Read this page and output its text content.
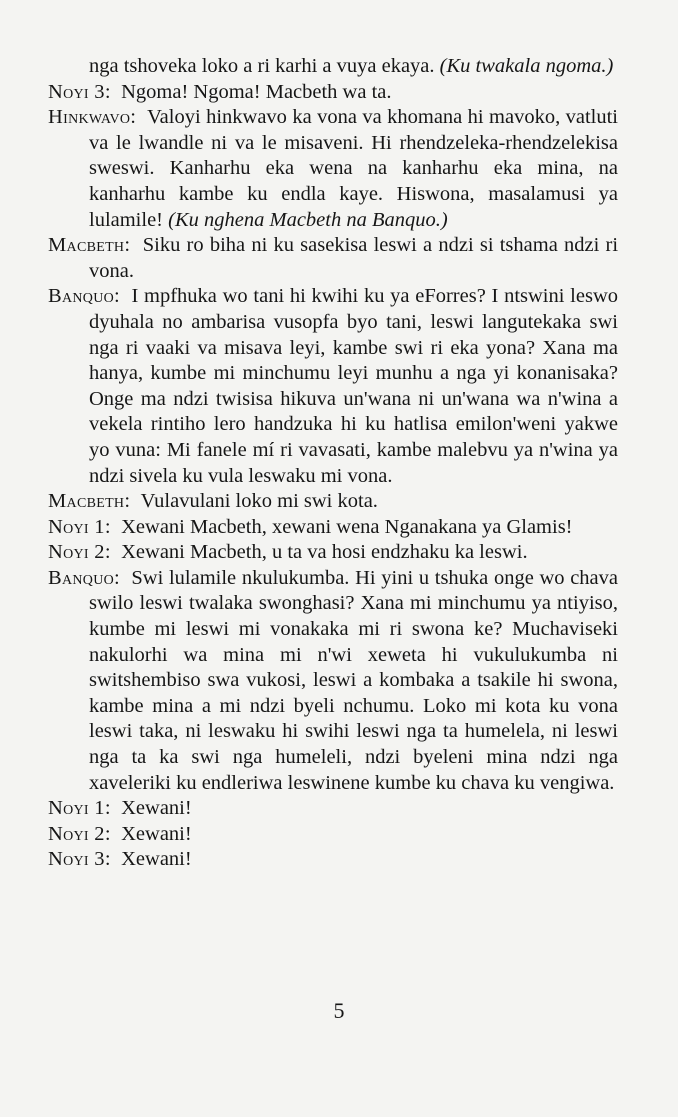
nga tshoveka loko a ri karhi a vuya ekaya. (Ku twakala ngoma.)

Noyi 3: Ngoma! Ngoma! Macbeth wa ta.

Hinkwavo: Valoyi hinkwavo ka vona va khomana hi mavoko, vatluti va le lwandle ni va le misaveni. Hi rhendzeleka-rhendzelekisa sweswi. Kanharhu eka wena na kanharhu eka mina, na kanharhu kambe ku endla kaye. Hiswona, masalamusi ya lulamile! (Ku nghena Macbeth na Banquo.)

Macbeth: Siku ro biha ni ku sasekisa leswi a ndzi si tshama ndzi ri vona.

Banquo: I mpfhuka wo tani hi kwihi ku ya eForres? I ntswini leswo dyuhala no ambarisa vusopfa byo tani, leswi langutekaka swi nga ri vaaki va misava leyi, kambe swi ri eka yona? Xana ma hanya, kumbe mi minchumu leyi munhu a nga yi konanisaka? Onge ma ndzi twisisa hikuva un'wana ni un'wana wa n'wina a vekela rintiho lero handzuka hi ku hatlisa emilon'weni yakwe yo vuna: Mi fanele mí ri vavasati, kambe malebvu ya n'wina ya ndzi sivela ku vula leswaku mi vona.

Macbeth: Vulavulani loko mi swi kota.

Noyi 1: Xewani Macbeth, xewani wena Nganakana ya Glamis!

Noyi 2: Xewani Macbeth, u ta va hosi endzhaku ka leswi.

Banquo: Swi lulamile nkulukumba. Hi yini u tshuka onge wo chava swilo leswi twalaka swonghasi? Xana mi minchumu ya ntiyiso, kumbe mi leswi mi vonakaka mi ri swona ke? Muchaviseki nakulorhi wa mina mi n'wi xeweta hi vukulukumba ni switshembiso swa vukosi, leswi a kombaka a tsakile hi swona, kambe mina a mi ndzi byeli nchumu. Loko mi kota ku vona leswi taka, ni leswaku hi swihi leswi nga ta humelela, ni leswi nga ta ka swi nga humeleli, ndzi byeleni mina ndzi nga xaveleriki ku endleriwa leswinene kumbe ku chava ku vengiwa.

Noyi 1: Xewani!

Noyi 2: Xewani!

Noyi 3: Xewani!

5
